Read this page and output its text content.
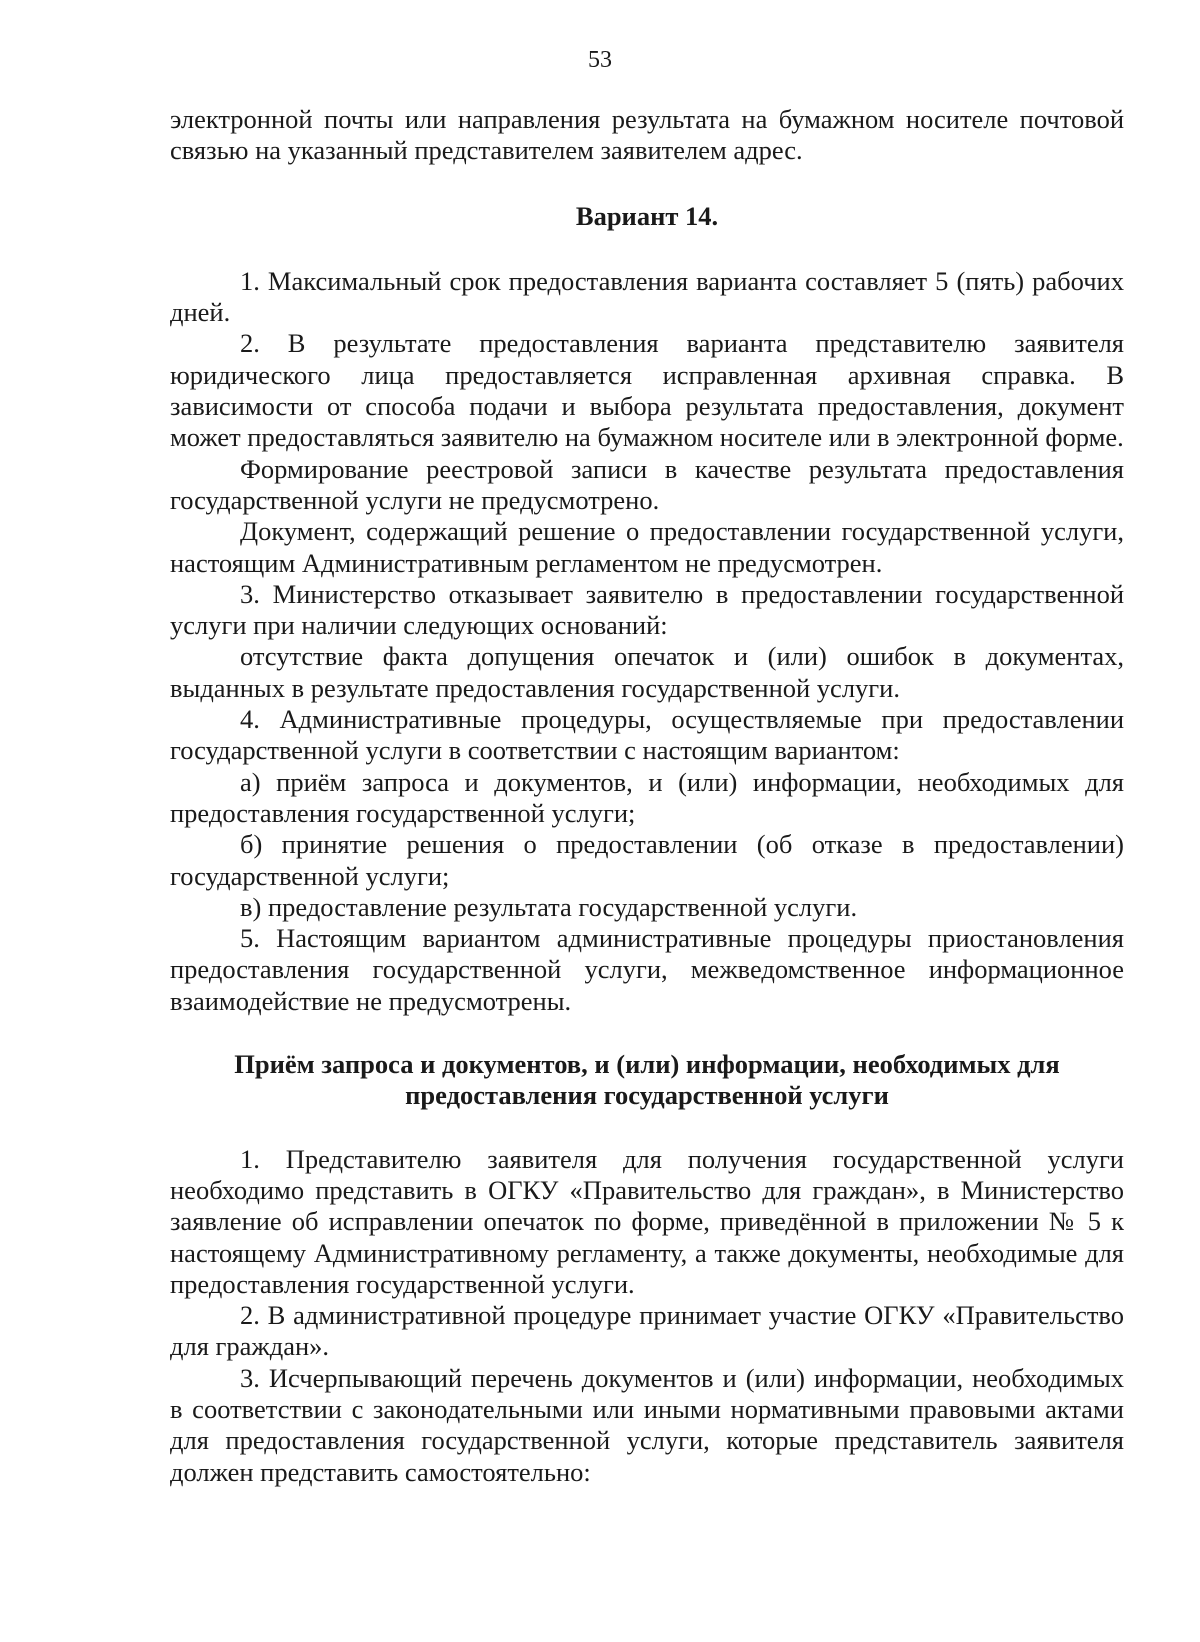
53

электронной почты или направления результата на бумажном носителе почтовой связью на указанный представителем заявителем адрес.

Вариант 14.

1. Максимальный срок предоставления варианта составляет 5 (пять) рабочих дней.

2. В результате предоставления варианта представителю заявителя юридического лица предоставляется исправленная архивная справка. В зависимости от способа подачи и выбора результата предоставления, документ может предоставляться заявителю на бумажном носителе или в электронной форме.

Формирование реестровой записи в качестве результата предоставления государственной услуги не предусмотрено.

Документ, содержащий решение о предоставлении государственной услуги, настоящим Административным регламентом не предусмотрен.

3. Министерство отказывает заявителю в предоставлении государственной услуги при наличии следующих оснований:

отсутствие факта допущения опечаток и (или) ошибок в документах, выданных в результате предоставления государственной услуги.

4. Административные процедуры, осуществляемые при предоставлении государственной услуги в соответствии с настоящим вариантом:

а) приём запроса и документов, и (или) информации, необходимых для предоставления государственной услуги;

б) принятие решения о предоставлении (об отказе в предоставлении) государственной услуги;

в) предоставление результата государственной услуги.

5. Настоящим вариантом административные процедуры приостановления предоставления государственной услуги, межведомственное информационное взаимодействие не предусмотрены.

Приём запроса и документов, и (или) информации, необходимых для

предоставления государственной услуги

1. Представителю заявителя для получения государственной услуги необходимо представить в ОГКУ «Правительство для граждан», в Министерство заявление об исправлении опечаток по форме, приведённой в приложении № 5 к настоящему Административному регламенту, а также документы, необходимые для предоставления государственной услуги.

2. В административной процедуре принимает участие ОГКУ «Правительство для граждан».

3. Исчерпывающий перечень документов и (или) информации, необходимых в соответствии с законодательными или иными нормативными правовыми актами для предоставления государственной услуги, которые представитель заявителя должен представить самостоятельно:
